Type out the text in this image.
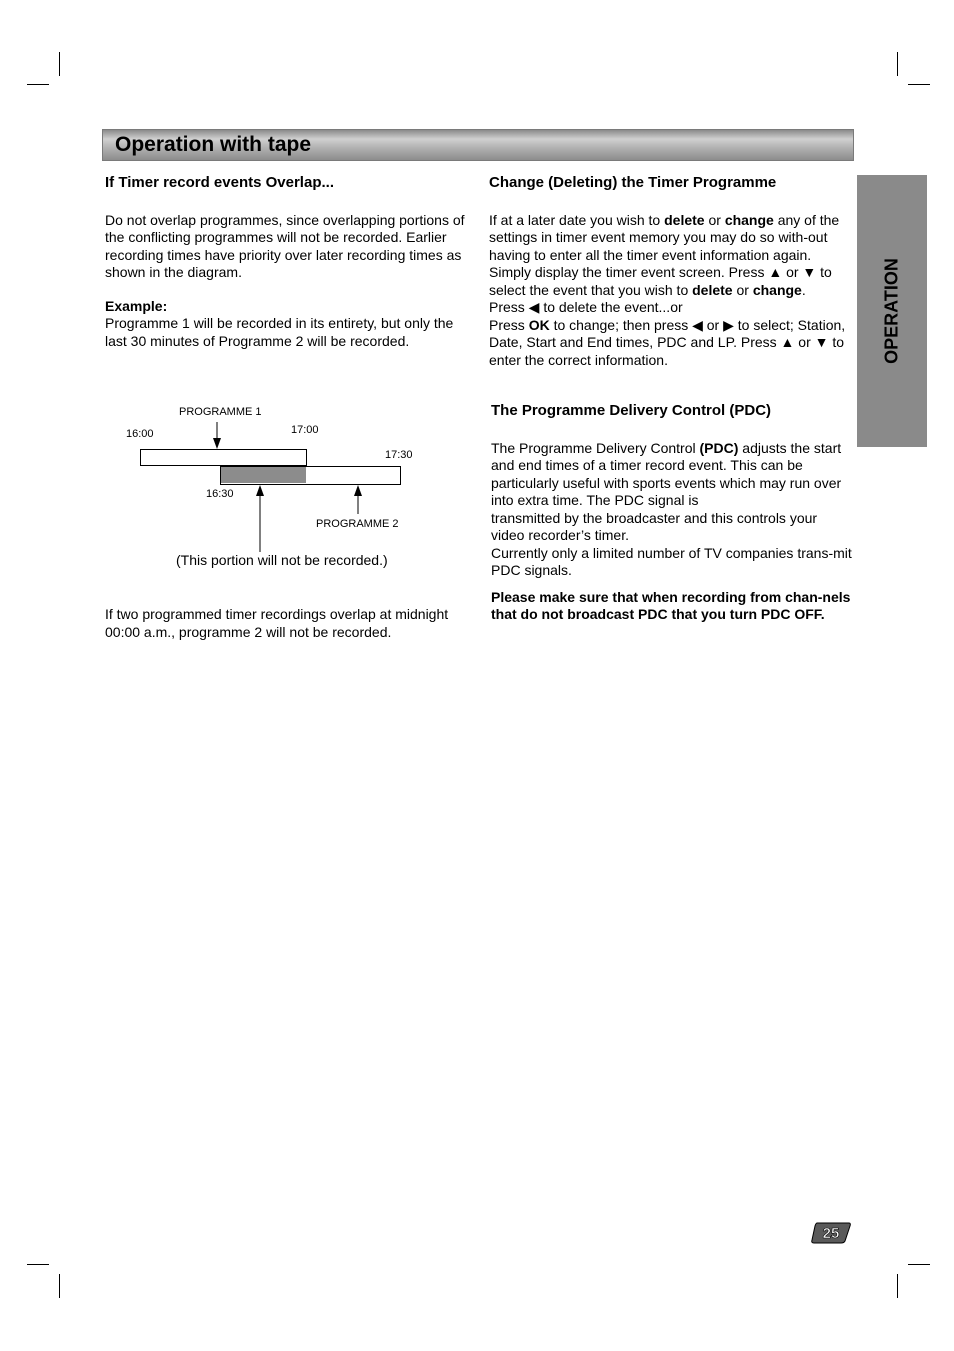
Operation with tape
OPERATION

If Timer record events Overlap...

Do not overlap programmes, since overlapping portions of the conflicting programmes will not be recorded. Earlier recording times have priority over later recording times as shown in the diagram.

Example:

Programme 1 will be recorded in its entirety, but only the last 30 minutes of Programme 2 will be recorded.

PROGRAMME 1
16:00	17:00
17:30
16:30
PROGRAMME 2
(This portion will not be recorded.)

If two programmed timer recordings overlap at midnight 00:00 a.m., programme 2 will not be recorded.

Change (Deleting) the Timer Programme

If at a later date you wish to delete or change any of the settings in timer event memory you may do so with-out having to enter all the timer event information again. Simply display the timer event screen. Press ▲ or ▼ to select the event that you wish to delete or change.

Press ◀ to delete the event...or

Press OK to change; then press ◀ or ▶ to select; Station, Date, Start and End times, PDC and LP. Press ▲ or ▼ to enter the correct information.

The Programme Delivery Control (PDC)

The Programme Delivery Control (PDC) adjusts the start and end times of a timer record event. This can be particularly useful with sports events which may run over into extra time. The PDC signal is

transmitted by the broadcaster and this controls your video recorder’s timer.

Currently only a limited number of TV companies trans-mit PDC signals.

Please make sure that when recording from chan-nels that do not broadcast PDC that you turn PDC OFF.

25
